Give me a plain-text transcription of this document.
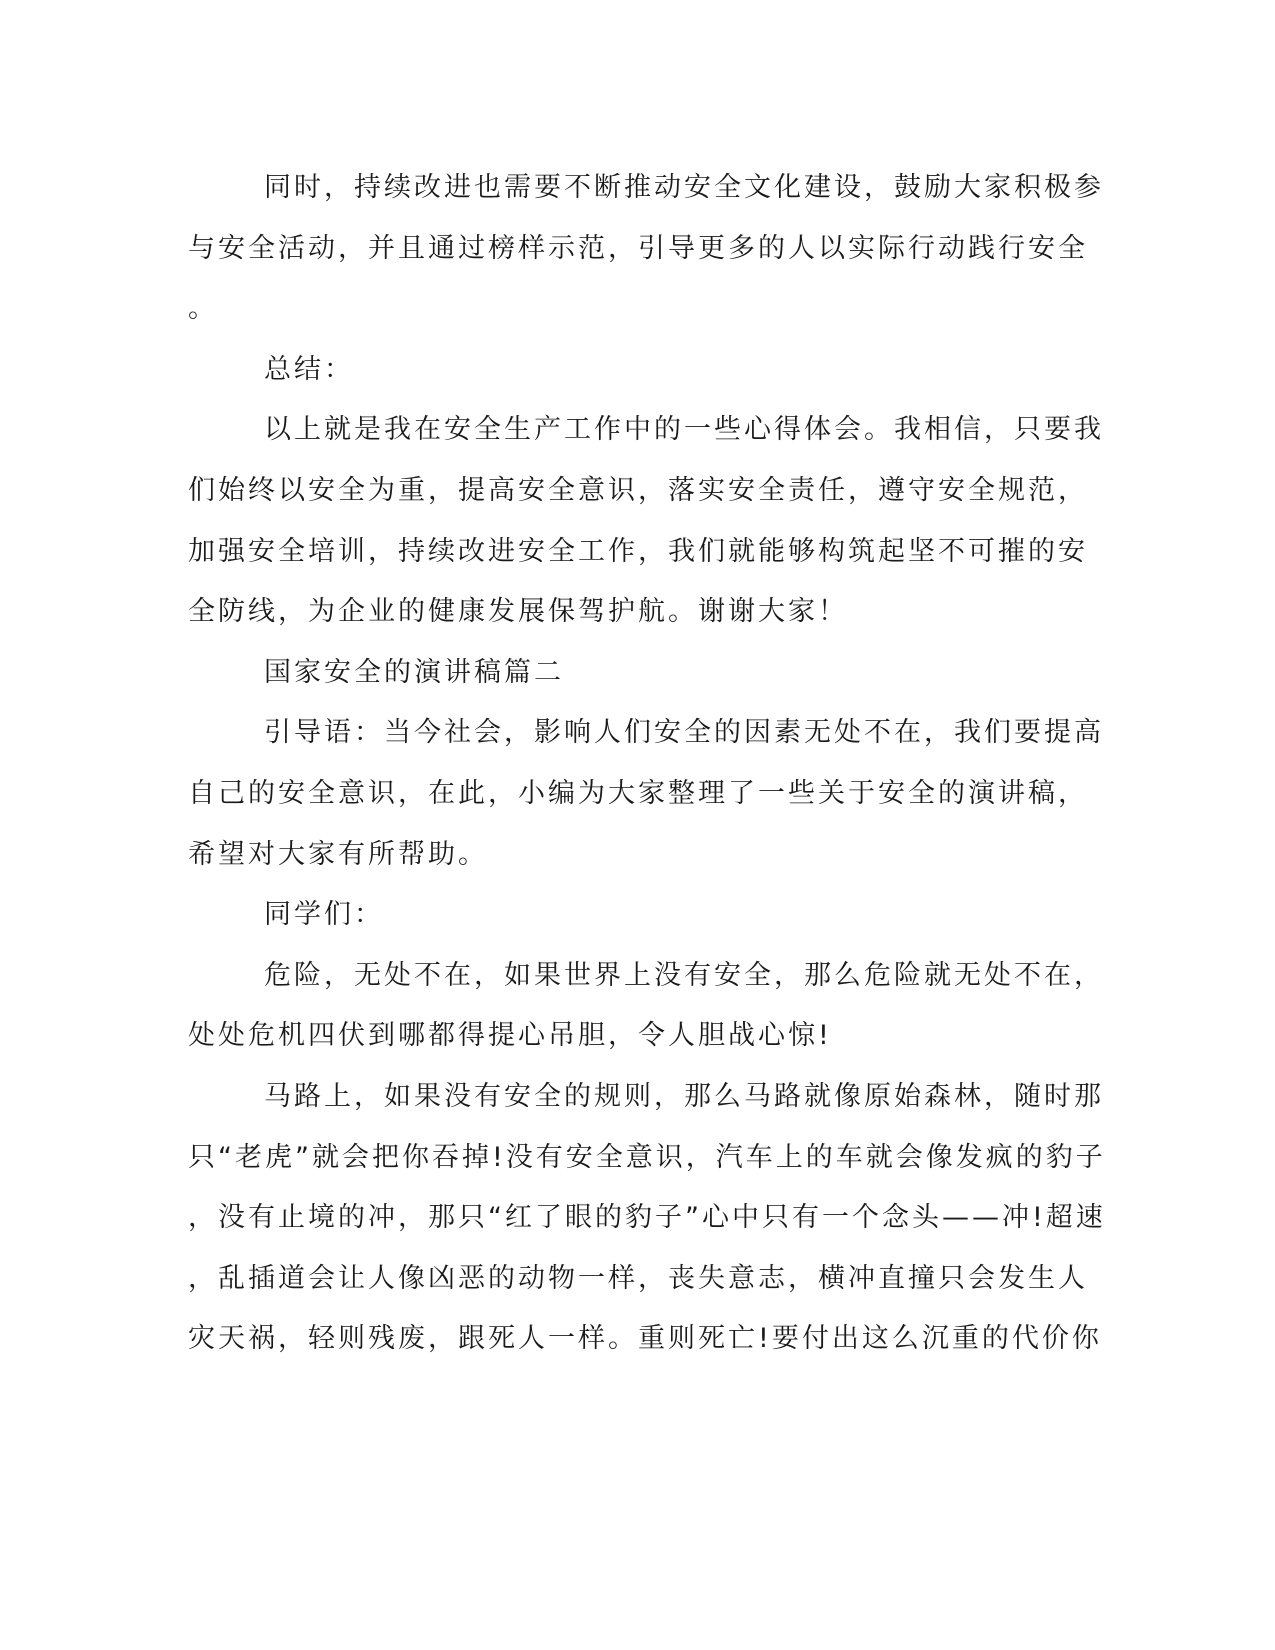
同时，持续改进也需要不断推动安全文化建设，鼓励大家积极参
与安全活动，并且通过榜样示范，引导更多的人以实际行动践行安全
。
总结：
以上就是我在安全生产工作中的一些心得体会。我相信，只要我
们始终以安全为重，提高安全意识，落实安全责任，遵守安全规范，
加强安全培训，持续改进安全工作，我们就能够构筑起坚不可摧的安
全防线，为企业的健康发展保驾护航。谢谢大家！
国家安全的演讲稿篇二
引导语：当今社会，影响人们安全的因素无处不在，我们要提高
自己的安全意识，在此，小编为大家整理了一些关于安全的演讲稿，
希望对大家有所帮助。
同学们：
危险，无处不在，如果世界上没有安全，那么危险就无处不在，
处处危机四伏到哪都得提心吊胆，令人胆战心惊!
马路上，如果没有安全的规则，那么马路就像原始森林，随时那
只“老虎”就会把你吞掉!没有安全意识，汽车上的车就会像发疯的豹子
，没有止境的冲，那只“红了眼的豹子”心中只有一个念头——冲!超速
，乱插道会让人像凶恶的动物一样，丧失意志，横冲直撞只会发生人
灾天祸，轻则残废，跟死人一样。重则死亡!要付出这么沉重的代价你
